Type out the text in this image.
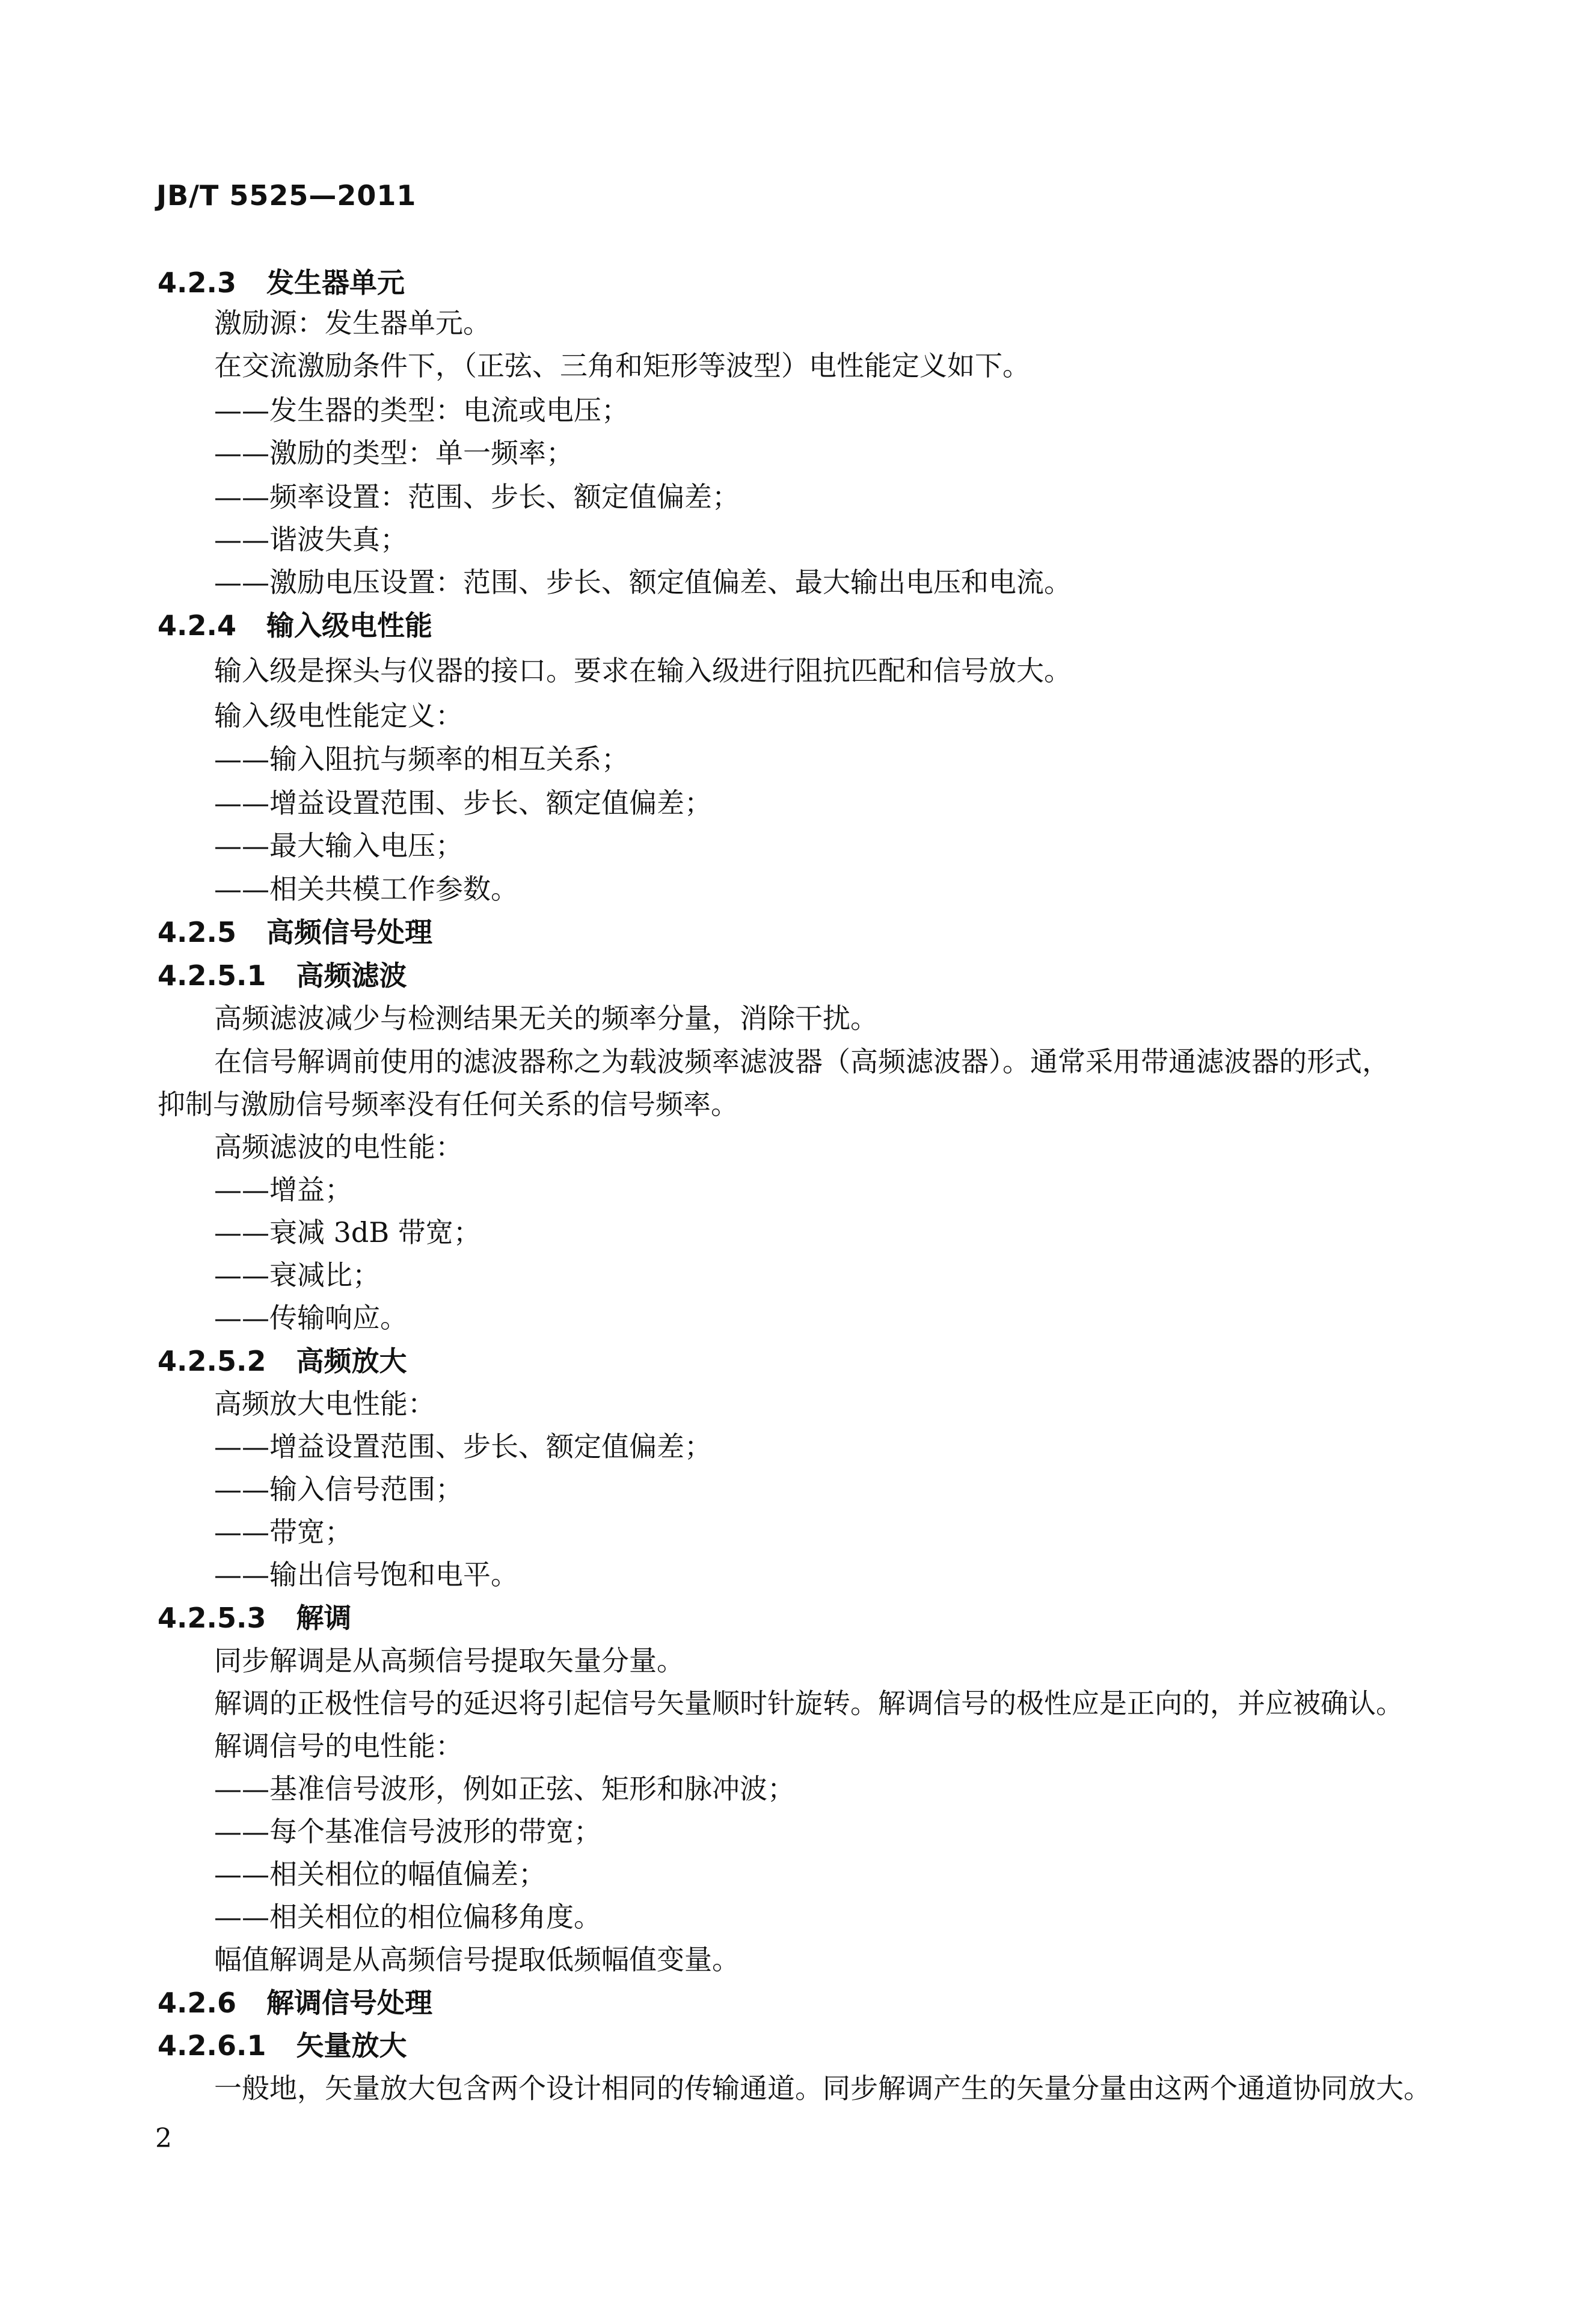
JB/T 5525—2011
4.2.3 发生器单元
激励源：发生器单元。
在交流激励条件下，（正弦、三角和矩形等波型）电性能定义如下。
——发生器的类型：电流或电压；
——激励的类型：单一频率；
——频率设置：范围、步长、额定值偏差；
——谐波失真；
——激励电压设置：范围、步长、额定值偏差、最大输出电压和电流。
4.2.4 输入级电性能
输入级是探头与仪器的接口。要求在输入级进行阻抗匹配和信号放大。
输入级电性能定义：
——输入阻抗与频率的相互关系；
——增益设置范围、步长、额定值偏差；
——最大输入电压；
——相关共模工作参数。
4.2.5 高频信号处理
4.2.5.1 高频滤波
高频滤波减少与检测结果无关的频率分量，消除干扰。
在信号解调前使用的滤波器称之为载波频率滤波器（高频滤波器）。通常采用带通滤波器的形式，
抑制与激励信号频率没有任何关系的信号频率。
高频滤波的电性能：
——增益；
——衰减 3dB 带宽；
——衰减比；
——传输响应。
4.2.5.2 高频放大
高频放大电性能：
——增益设置范围、步长、额定值偏差；
——输入信号范围；
——带宽；
——输出信号饱和电平。
4.2.5.3 解调
同步解调是从高频信号提取矢量分量。
解调的正极性信号的延迟将引起信号矢量顺时针旋转。解调信号的极性应是正向的，并应被确认。
解调信号的电性能：
——基准信号波形，例如正弦、矩形和脉冲波；
——每个基准信号波形的带宽；
——相关相位的幅值偏差；
——相关相位的相位偏移角度。
幅值解调是从高频信号提取低频幅值变量。
4.2.6 解调信号处理
4.2.6.1 矢量放大
一般地，矢量放大包含两个设计相同的传输通道。同步解调产生的矢量分量由这两个通道协同放大。
2
